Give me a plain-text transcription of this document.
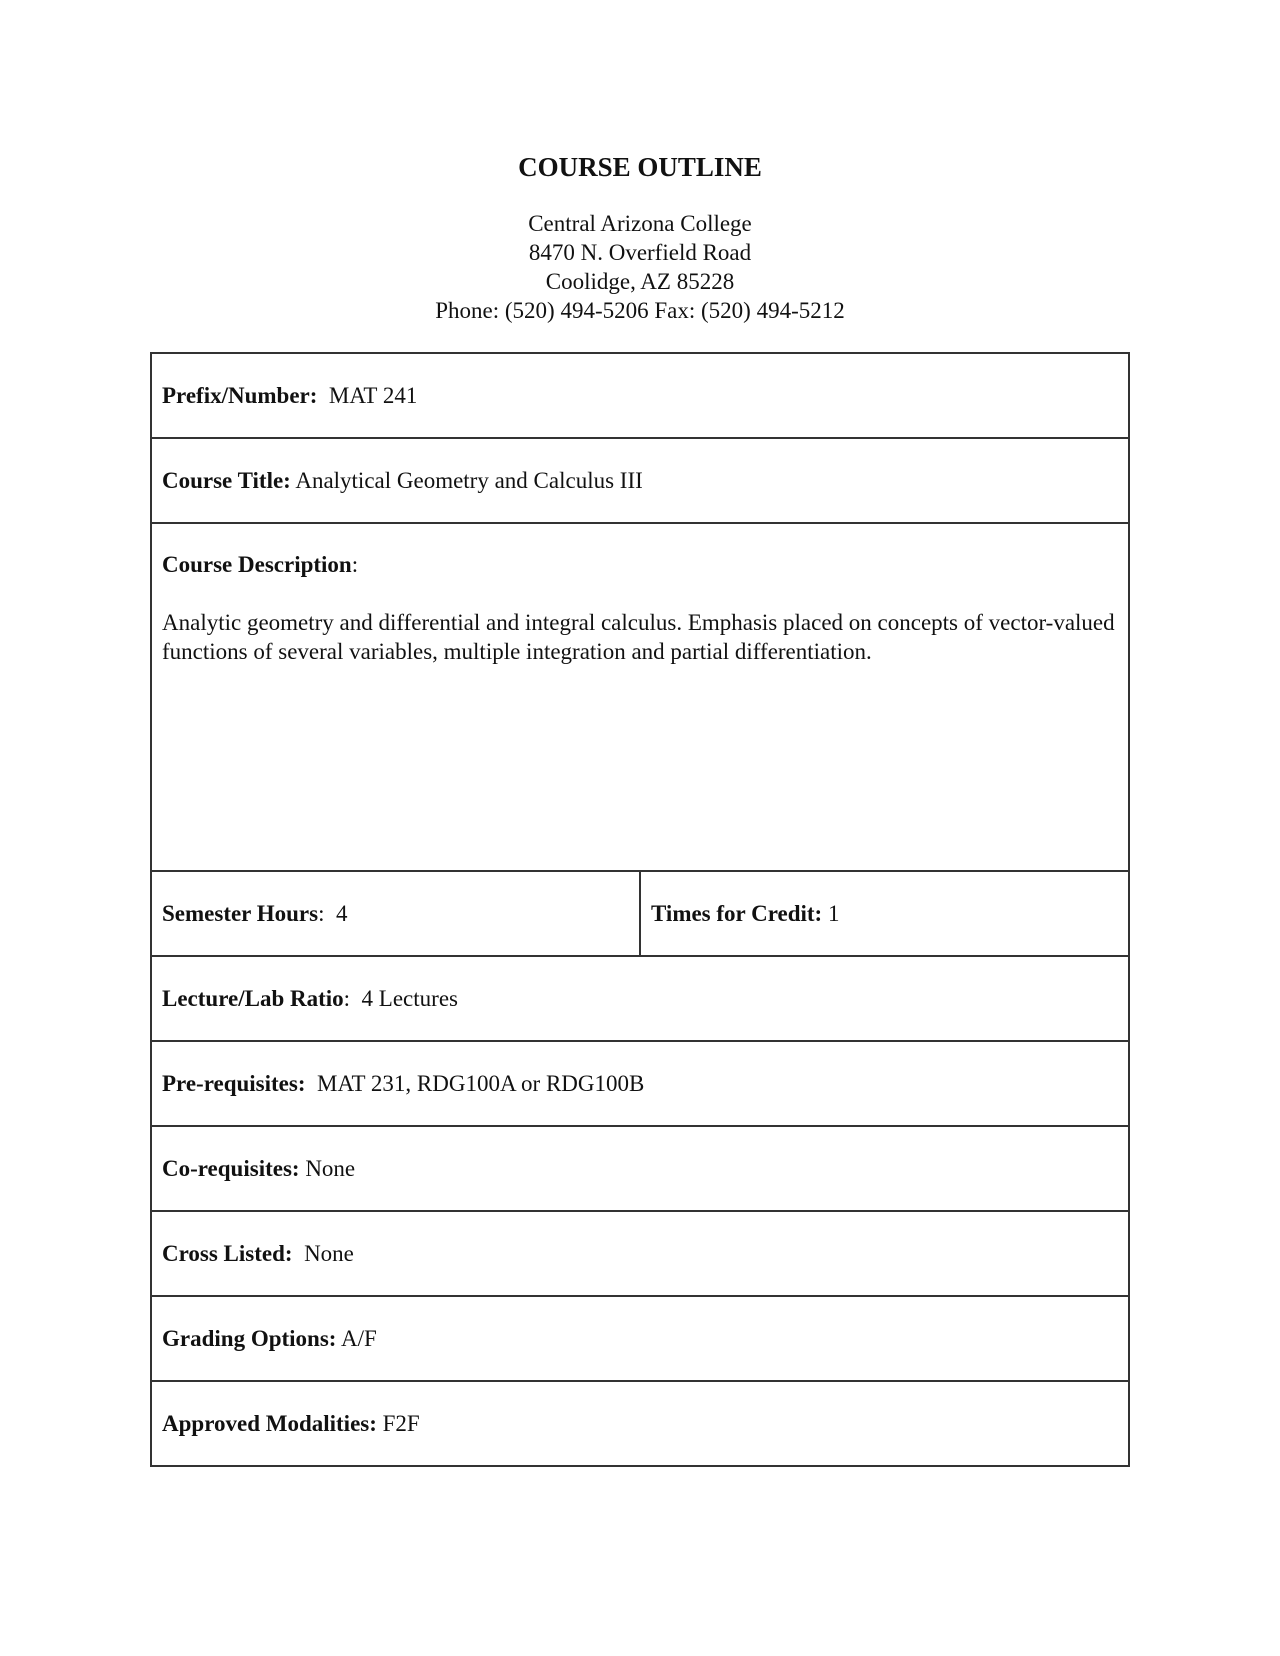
COURSE OUTLINE
Central Arizona College
8470 N. Overfield Road
Coolidge, AZ 85228
Phone: (520) 494-5206 Fax: (520) 494-5212
Prefix/Number: MAT 241
Course Title: Analytical Geometry and Calculus III

Course Description:
Analytic geometry and differential and integral calculus. Emphasis placed on concepts of vector-valued functions of several variables, multiple integration and partial differentiation.

Semester Hours: 4	Times for Credit: 1
Lecture/Lab Ratio: 4 Lectures
Pre-requisites: MAT 231, RDG100A or RDG100B
Co-requisites: None
Cross Listed: None
Grading Options: A/F
Approved Modalities: F2F
